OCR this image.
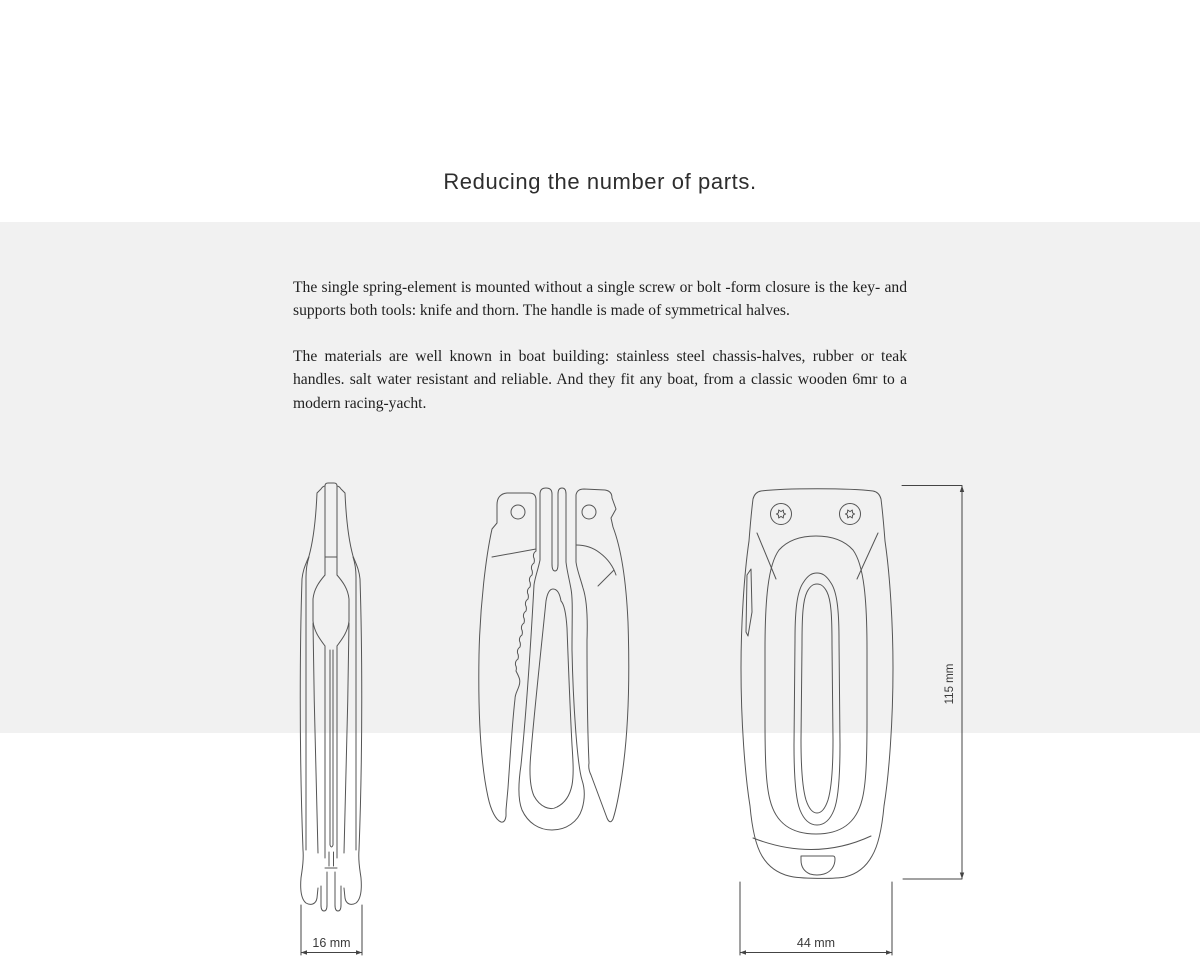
Reducing the number of parts.

The single spring-element is mounted without a single screw or bolt -form closure is the key- and supports both tools: knife and thorn. The handle is made of symmetrical halves.

The materials are well known in boat building: stainless steel chassis-halves, rubber or teak handles. salt water resistant and reliable. And they fit any boat, from a classic wooden 6mr to a modern racing-yacht.

16 mm	44 mm
115 mm
